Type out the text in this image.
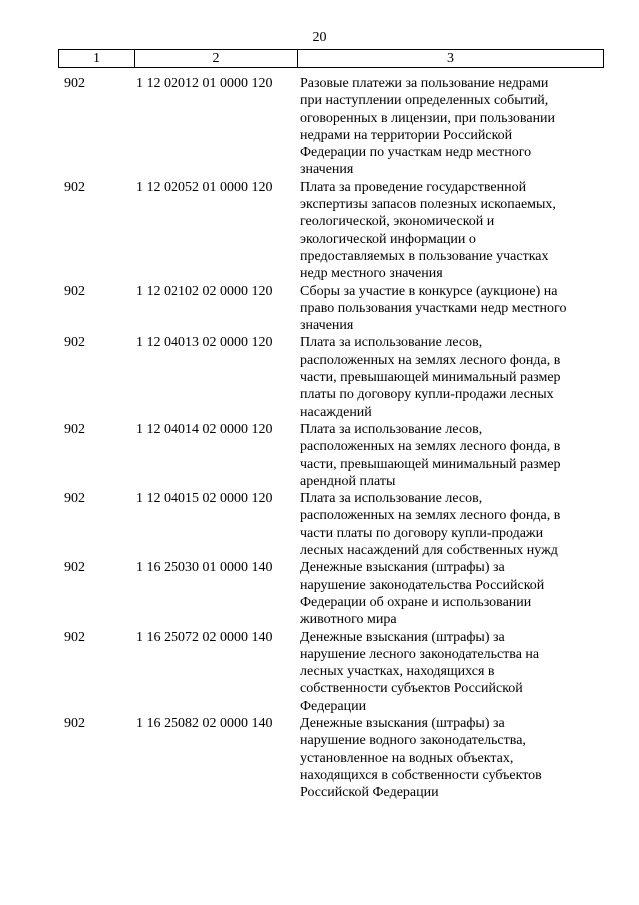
20
1	2	3
902	1 12 02012 01 0000 120	Разовые платежи за пользование недрами
при наступлении определенных событий,
оговоренных в лицензии, при пользовании
недрами на территории Российской
Федерации по участкам недр местного
значения
902	1 12 02052 01 0000 120	Плата за проведение государственной
экспертизы запасов полезных ископаемых,
геологической, экономической и
экологической информации о
предоставляемых в пользование участках
недр местного значения
902	1 12 02102 02 0000 120	Сборы за участие в конкурсе (аукционе) на
право пользования участками недр местного
значения
902	1 12 04013 02 0000 120	Плата за использование лесов,
расположенных на землях лесного фонда, в
части, превышающей минимальный размер
платы по договору купли-продажи лесных
насаждений
902	1 12 04014 02 0000 120	Плата за использование лесов,
расположенных на землях лесного фонда, в
части, превышающей минимальный размер
арендной платы
902	1 12 04015 02 0000 120	Плата за использование лесов,
расположенных на землях лесного фонда, в
части платы по договору купли-продажи
лесных насаждений для собственных нужд
902	1 16 25030 01 0000 140	Денежные взыскания (штрафы) за
нарушение законодательства Российской
Федерации об охране и использовании
животного мира
902	1 16 25072 02 0000 140	Денежные взыскания (штрафы) за
нарушение лесного законодательства на
лесных участках, находящихся в
собственности субъектов Российской
Федерации
902	1 16 25082 02 0000 140	Денежные взыскания (штрафы) за
нарушение водного законодательства,
установленное на водных объектах,
находящихся в собственности субъектов
Российской Федерации
